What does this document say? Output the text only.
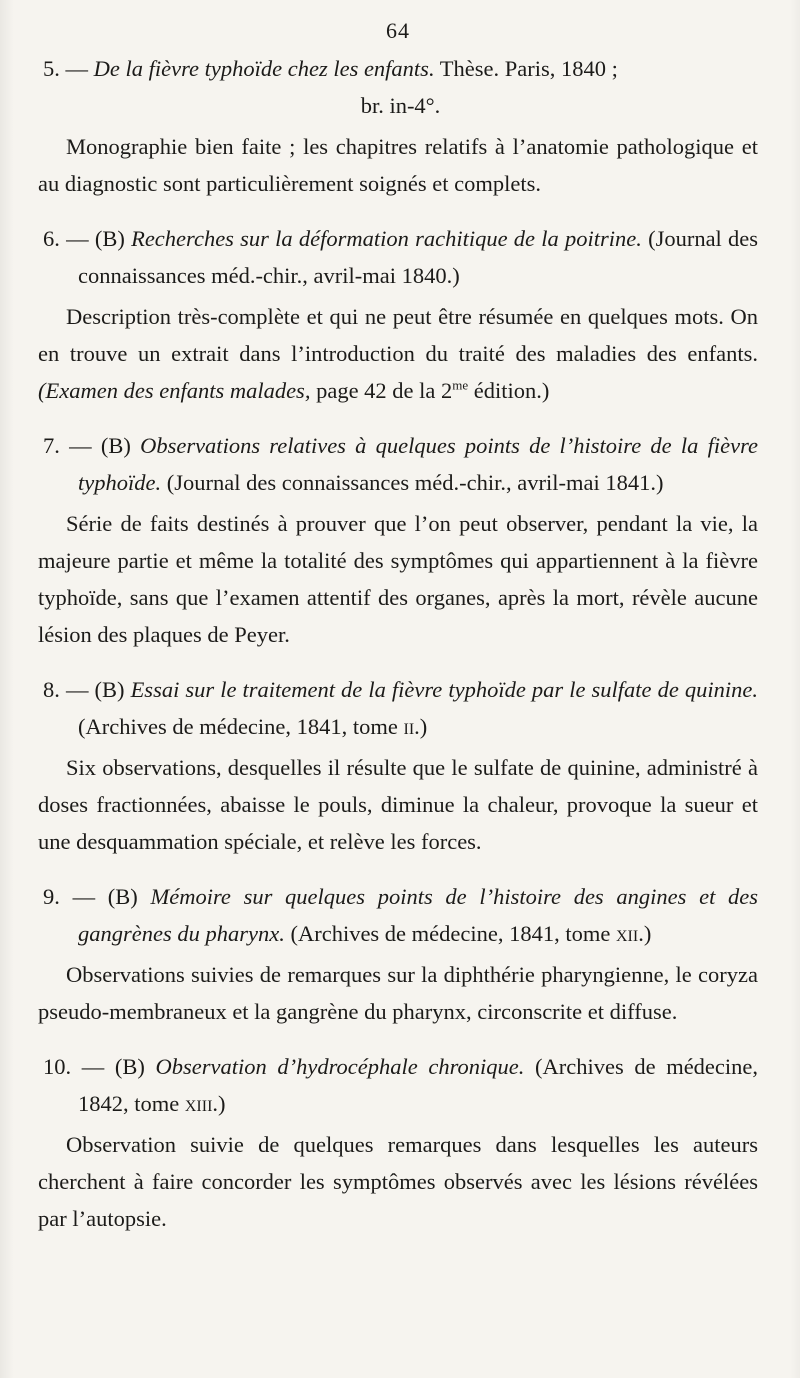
64

5. — De la fièvre typhoïde chez les enfants. Thèse. Paris, 1840 ;
br. in-4°.

Monographie bien faite ; les chapitres relatifs à l’anatomie pathologique et au diagnostic sont particulièrement soignés et complets.

6. — (B) Recherches sur la déformation rachitique de la poitrine. (Journal des connaissances méd.-chir., avril-mai 1840.)

Description très-complète et qui ne peut être résumée en quelques mots. On en trouve un extrait dans l’introduction du traité des maladies des enfants. (Examen des enfants malades, page 42 de la $2^{me}$ édition.)

7. — (B) Observations relatives à quelques points de l’histoire de la fièvre typhoïde. (Journal des connaissances méd.-chir., avril-mai 1841.)

Série de faits destinés à prouver que l’on peut observer, pendant la vie, la majeure partie et même la totalité des symptômes qui appartiennent à la fièvre typhoïde, sans que l’examen attentif des organes, après la mort, révèle aucune lésion des plaques de Peyer.

8. — (B) Essai sur le traitement de la fièvre typhoïde par le sulfate de quinine. (Archives de médecine, 1841, tome ii.)

Six observations, desquelles il résulte que le sulfate de quinine, administré à doses fractionnées, abaisse le pouls, diminue la chaleur, provoque la sueur et une desquammation spéciale, et relève les forces.

9. — (B) Mémoire sur quelques points de l’histoire des angines et des gangrènes du pharynx. (Archives de médecine, 1841, tome xii.)

Observations suivies de remarques sur la diphthérie pharyngienne, le coryza pseudo-membraneux et la gangrène du pharynx, circonscrite et diffuse.

10. — (B) Observation d’hydrocéphale chronique. (Archives de médecine, 1842, tome xiii.)

Observation suivie de quelques remarques dans lesquelles les auteurs cherchent à faire concorder les symptômes observés avec les lésions révélées par l’autopsie.
